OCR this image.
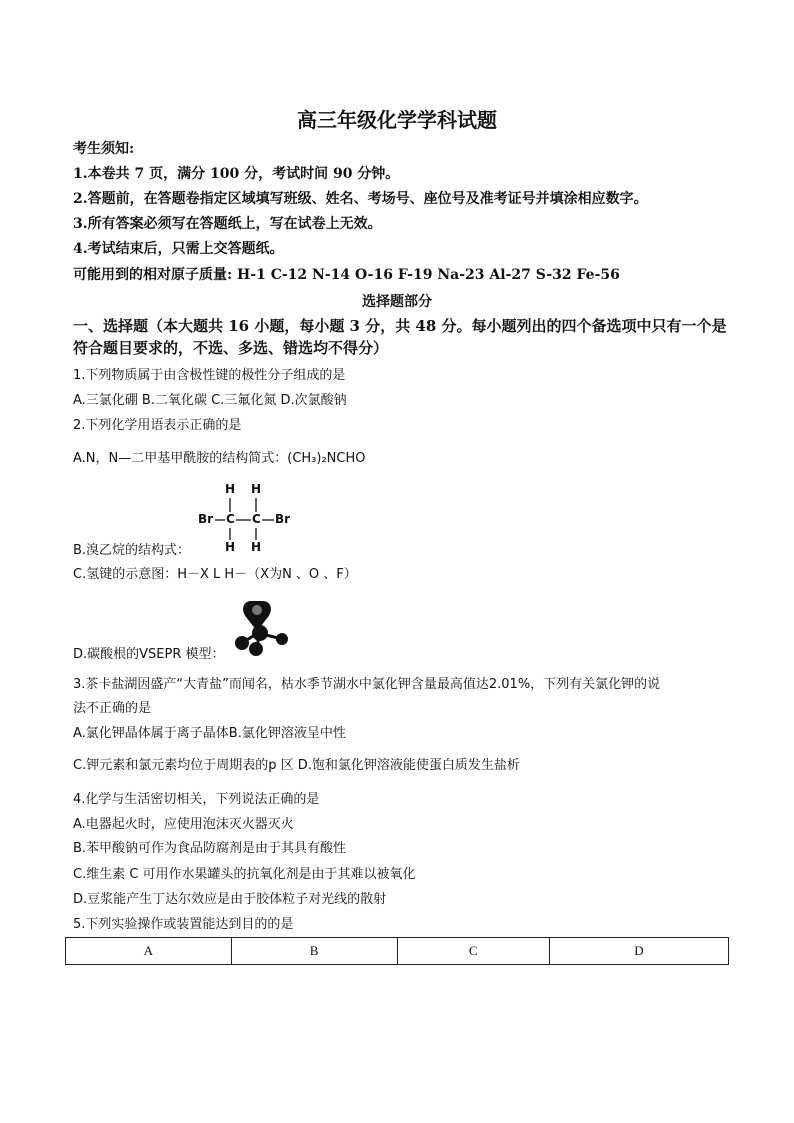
高三年级化学学科试题
考生须知:
1.本卷共 7 页，满分 100 分，考试时间 90 分钟。
2.答题前，在答题卷指定区域填写班级、姓名、考场号、座位号及准考证号并填涂相应数字。
3.所有答案必须写在答题纸上，写在试卷上无效。
4.考试结束后，只需上交答题纸。
可能用到的相对原子质量: H-1 C-12 N-14 O-16 F-19 Na-23 Al-27 S-32 Fe-56
选择题部分
一、选择题（本大题共 16 小题，每小题 3 分，共 48 分。每小题列出的四个备选项中只有一个是符合题目要求的，不选、多选、错选均不得分）
1.下列物质属于由含极性键的极性分子组成的是
A.三氯化硼 B.二氧化碳 C.三氟化氮 D.次氯酸钠
2.下列化学用语表示正确的是
A.N，N—二甲基甲酰胺的结构简式：(CH₃)₂NCHO
H H
Br C C Br
H H
B.溴乙烷的结构式：
C.氢键的示意图：H－X L H－（X为N 、O 、F）
D.碳酸根的VSEPR 模型：
3.茶卡盐湖因盛产“大青盐”而闻名，枯水季节湖水中氯化钾含量最高值达2.01%，下列有关氯化钾的说
法不正确的是
A.氯化钾晶体属于离子晶体B.氯化钾溶液呈中性
C.钾元素和氯元素均位于周期表的p 区 D.饱和氯化钾溶液能使蛋白质发生盐析
4.化学与生活密切相关，下列说法正确的是
A.电器起火时，应使用泡沫灭火器灭火
B.苯甲酸钠可作为食品防腐剂是由于其具有酸性
C.维生素 C 可用作水果罐头的抗氧化剂是由于其难以被氧化
D.豆浆能产生丁达尔效应是由于胶体粒子对光线的散射
5.下列实验操作或装置能达到目的的是
A	B	C	D
